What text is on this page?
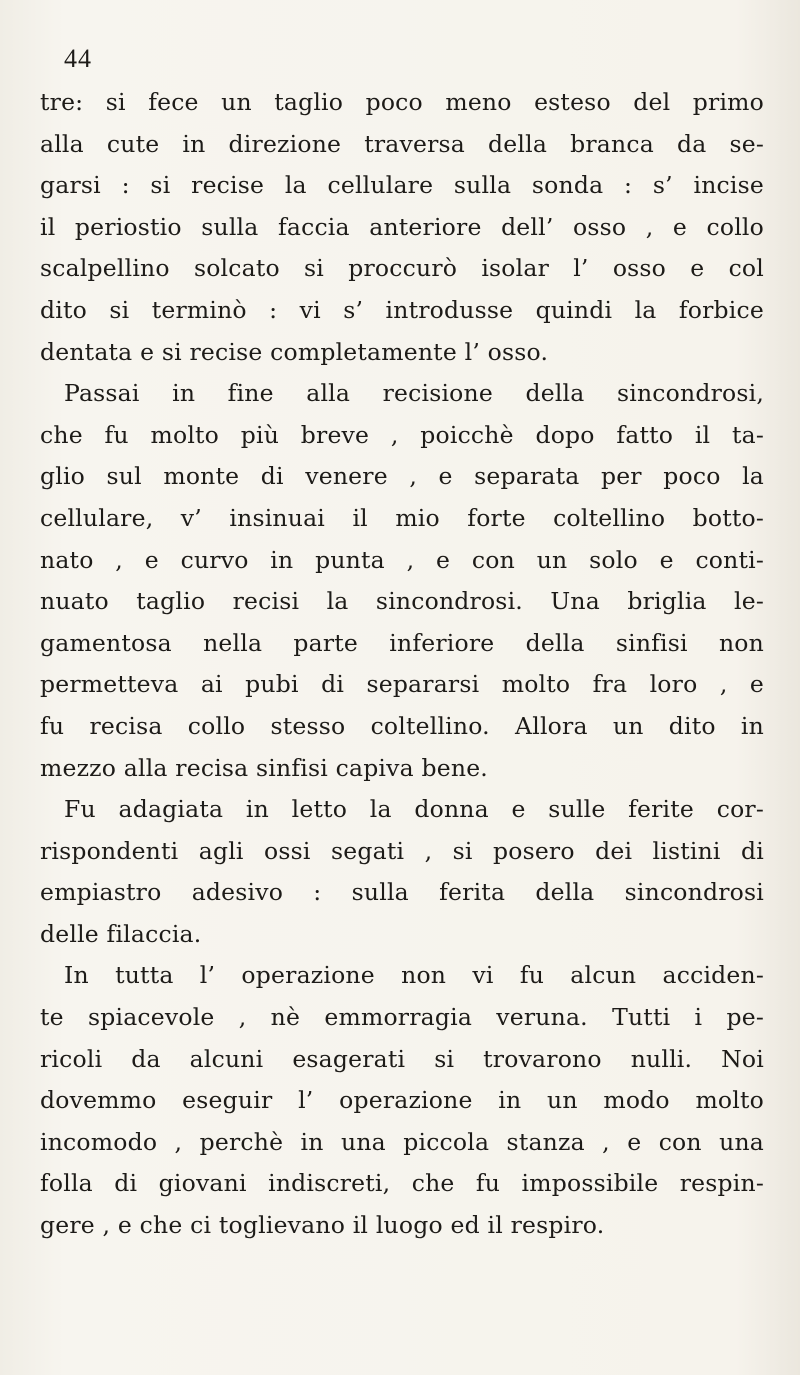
44
tre: si fece un taglio poco meno esteso del primo
alla cute in direzione traversa della branca da se-
garsi : si recise la cellulare sulla sonda : s’ incise
il periostio sulla faccia anteriore dell’ osso , e collo
scalpellino solcato si proccurò isolar l’ osso e col
dito si terminò : vi s’ introdusse quindi la forbice
dentata e si recise completamente l’ osso.
Passai in fine alla recisione della sincondrosi,
che fu molto più breve , poicchè dopo fatto il ta-
glio sul monte di venere , e separata per poco la
cellulare, v’ insinuai il mio forte coltellino botto-
nato , e curvo in punta , e con un solo e conti-
nuato taglio recisi la sincondrosi. Una briglia le-
gamentosa nella parte inferiore della sinfisi non
permetteva ai pubi di separarsi molto fra loro , e
fu recisa collo stesso coltellino. Allora un dito in
mezzo alla recisa sinfisi capiva bene.
Fu adagiata in letto la donna e sulle ferite cor-
rispondenti agli ossi segati , si posero dei listini di
empiastro adesivo : sulla ferita della sincondrosi
delle filaccia.
In tutta l’ operazione non vi fu alcun acciden-
te spiacevole , nè emmorragia veruna. Tutti i pe-
ricoli da alcuni esagerati si trovarono nulli. Noi
dovemmo eseguir l’ operazione in un modo molto
incomodo , perchè in una piccola stanza , e con una
folla di giovani indiscreti, che fu impossibile respin-
gere , e che ci toglievano il luogo ed il respiro.
